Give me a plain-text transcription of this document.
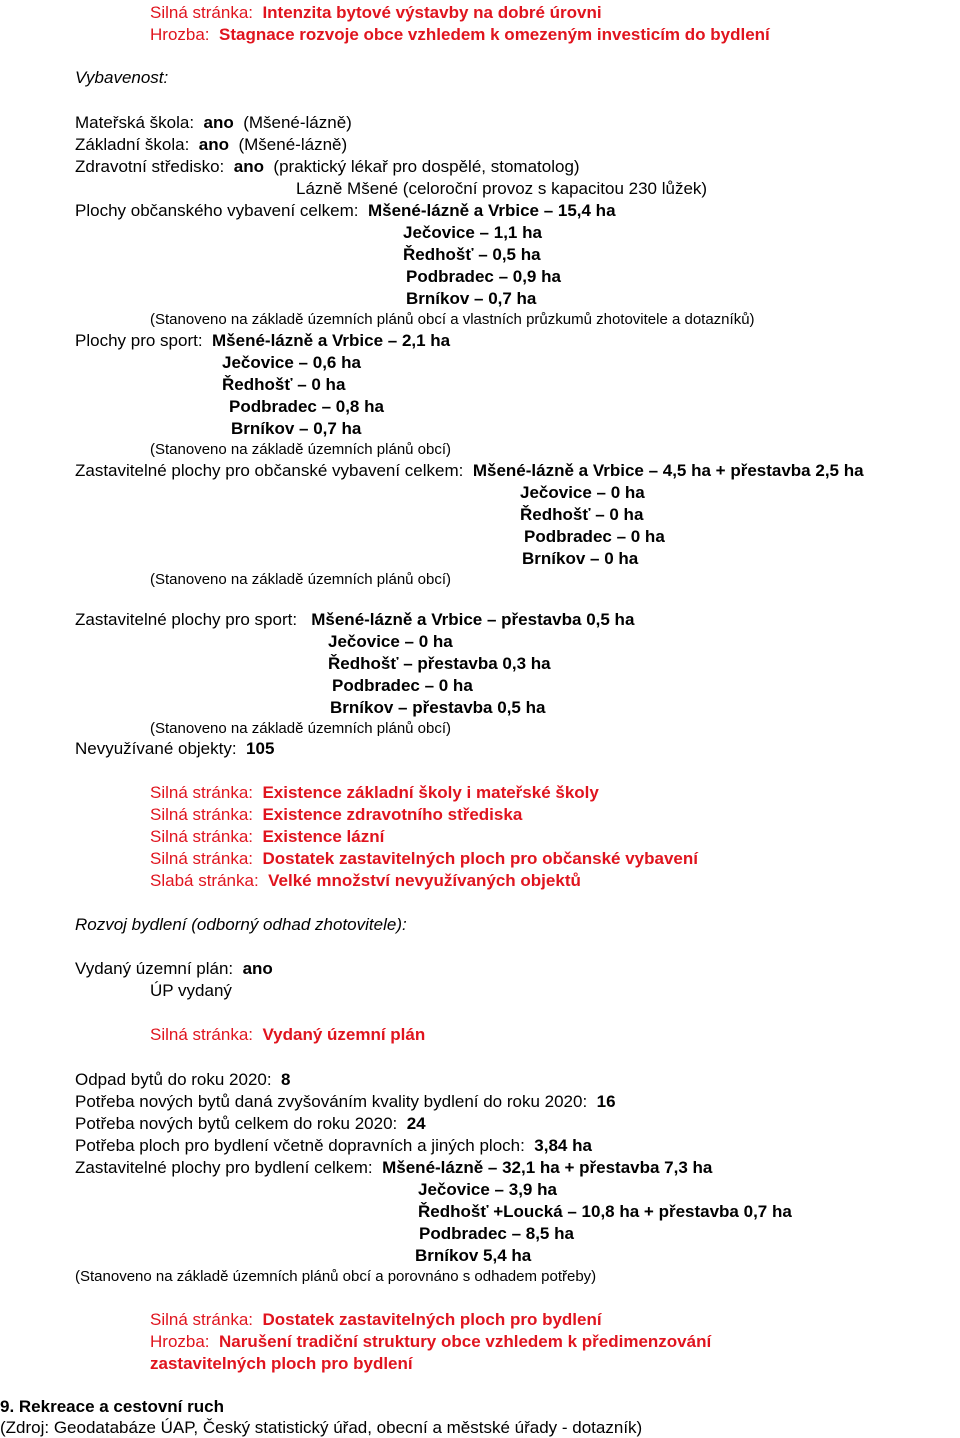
Silná stránka: Intenzita bytové výstavby na dobré úrovni
Hrozba: Stagnace rozvoje obce vzhledem k omezeným investicím do bydlení
Vybavenost:
Mateřská škola: ano (Mšené-lázně)
Základní škola: ano (Mšené-lázně)
Zdravotní středisko: ano (praktický lékař pro dospělé, stomatolog)
Lázně Mšené (celoroční provoz s kapacitou 230 lůžek)
Plochy občanského vybavení celkem: Mšené-lázně a Vrbice – 15,4 ha
Ječovice – 1,1 ha
Ředhošť – 0,5 ha
Podbradec – 0,9 ha
Brníkov – 0,7 ha
(Stanoveno na základě územních plánů obcí a vlastních průzkumů zhotovitele a dotazníků)
Plochy pro sport: Mšené-lázně a Vrbice – 2,1 ha
Ječovice – 0,6 ha
Ředhošť – 0 ha
Podbradec – 0,8 ha
Brníkov – 0,7 ha
(Stanoveno na základě územních plánů obcí)
Zastavitelné plochy pro občanské vybavení celkem: Mšené-lázně a Vrbice – 4,5 ha + přestavba 2,5 ha
Ječovice – 0 ha
Ředhošť – 0 ha
Podbradec – 0 ha
Brníkov – 0 ha
(Stanoveno na základě územních plánů obcí)
Zastavitelné plochy pro sport: Mšené-lázně a Vrbice – přestavba 0,5 ha
Ječovice – 0 ha
Ředhošť – přestavba 0,3 ha
Podbradec – 0 ha
Brníkov – přestavba 0,5 ha
(Stanoveno na základě územních plánů obcí)
Nevyužívané objekty: 105
Silná stránka: Existence základní školy i mateřské školy
Silná stránka: Existence zdravotního střediska
Silná stránka: Existence lázní
Silná stránka: Dostatek zastavitelných ploch pro občanské vybavení
Slabá stránka: Velké množství nevyužívaných objektů
Rozvoj bydlení (odborný odhad zhotovitele):
Vydaný územní plán: ano
ÚP vydaný
Silná stránka: Vydaný územní plán
Odpad bytů do roku 2020: 8
Potřeba nových bytů daná zvyšováním kvality bydlení do roku 2020: 16
Potřeba nových bytů celkem do roku 2020: 24
Potřeba ploch pro bydlení včetně dopravních a jiných ploch: 3,84 ha
Zastavitelné plochy pro bydlení celkem: Mšené-lázně – 32,1 ha + přestavba 7,3 ha
Ječovice – 3,9 ha
Ředhošť +Loucká – 10,8 ha + přestavba 0,7 ha
Podbradec – 8,5 ha
Brníkov 5,4 ha
(Stanoveno na základě územních plánů obcí a porovnáno s odhadem potřeby)
Silná stránka: Dostatek zastavitelných ploch pro bydlení
Hrozba: Narušení tradiční struktury obce vzhledem k předimenzování
zastavitelných ploch pro bydlení
9. Rekreace a cestovní ruch
(Zdroj: Geodatabáze ÚAP, Český statistický úřad, obecní a městské úřady - dotazník)
